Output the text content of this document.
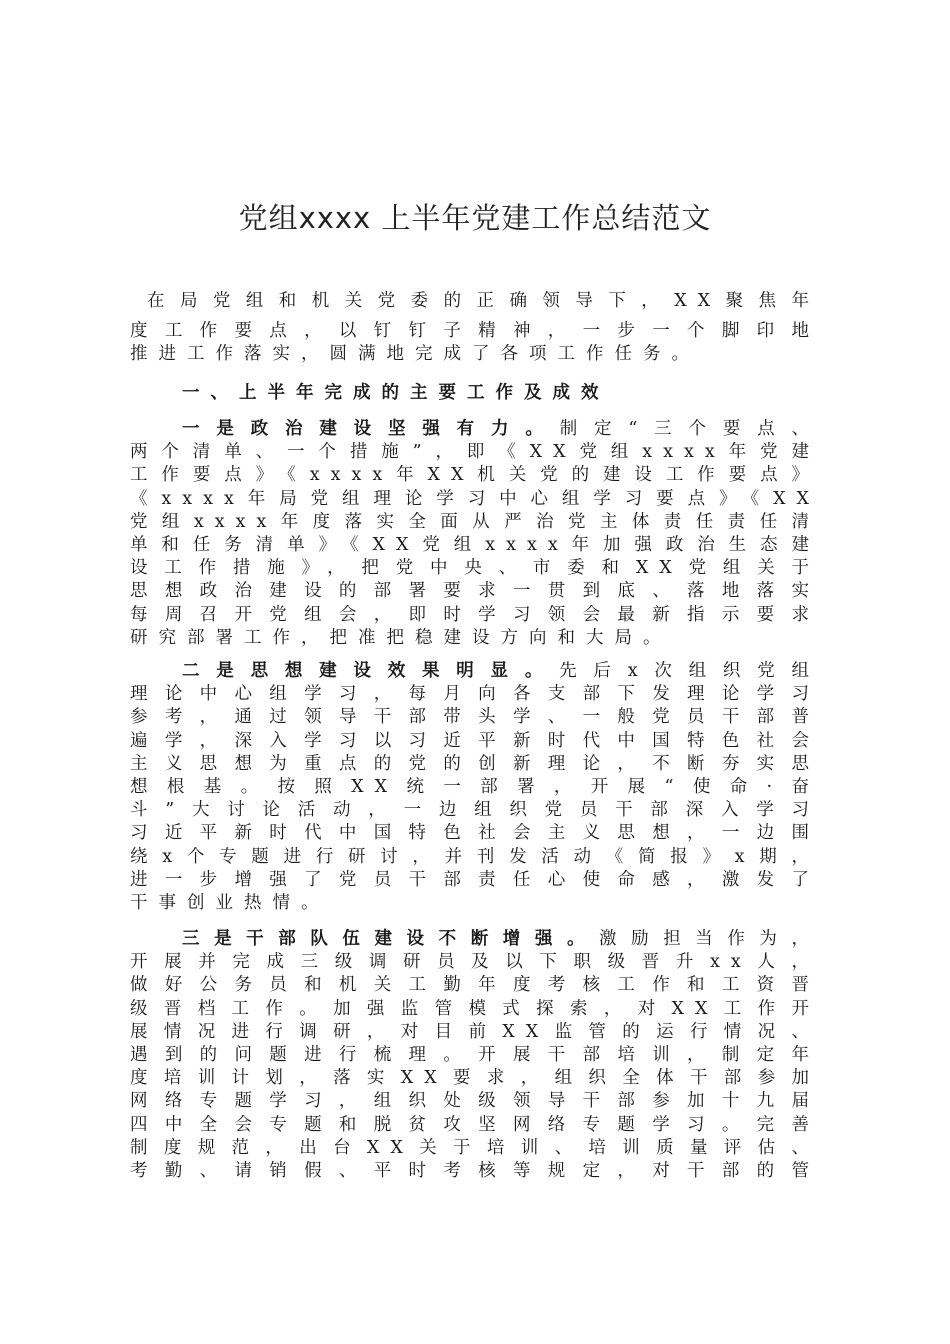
党组xxxx 上半年党建工作总结范文
在局党组和机关党委的正确领导下，XX聚焦年
度工作要点，以钉钉子精神，一步一个脚印地
推进工作落实，圆满地完成了各项工作任务。
一、上半年完成的主要工作及成效
一是政治建设坚强有力。制定“三个要点、
两个清单、一个措施”，即《XX党组xxxx年党建
工作要点》《xxxx年XX机关党的建设工作要点》
《xxxx年局党组理论学习中心组学习要点》《XX
党组xxxx年度落实全面从严治党主体责任责任清
单和任务清单》《XX党组xxxx年加强政治生态建
设工作措施》，把党中央、市委和XX党组关于
思想政治建设的部署要求一贯到底、落地落实
每周召开党组会，即时学习领会最新指示要求
研究部署工作，把准把稳建设方向和大局。
二是思想建设效果明显。先后x次组织党组
理论中心组学习，每月向各支部下发理论学习
参考，通过领导干部带头学、一般党员干部普
遍学，深入学习以习近平新时代中国特色社会
主义思想为重点的党的创新理论，不断夯实思
想根基。按照XX统一部署，开展“使命·奋
斗”大讨论活动，一边组织党员干部深入学习
习近平新时代中国特色社会主义思想，一边围
绕x个专题进行研讨，并刊发活动《简报》x期，
进一步增强了党员干部责任心使命感，激发了
干事创业热情。
三是干部队伍建设不断增强。激励担当作为，
开展并完成三级调研员及以下职级晋升xx人，
做好公务员和机关工勤年度考核工作和工资晋
级晋档工作。加强监管模式探索，对XX工作开
展情况进行调研，对目前XX监管的运行情况、
遇到的问题进行梳理。开展干部培训，制定年
度培训计划，落实XX要求，组织全体干部参加
网络专题学习，组织处级领导干部参加十九届
四中全会专题和脱贫攻坚网络专题学习。完善
制度规范，出台XX关于培训、培训质量评估、
考勤、请销假、平时考核等规定，对干部的管
